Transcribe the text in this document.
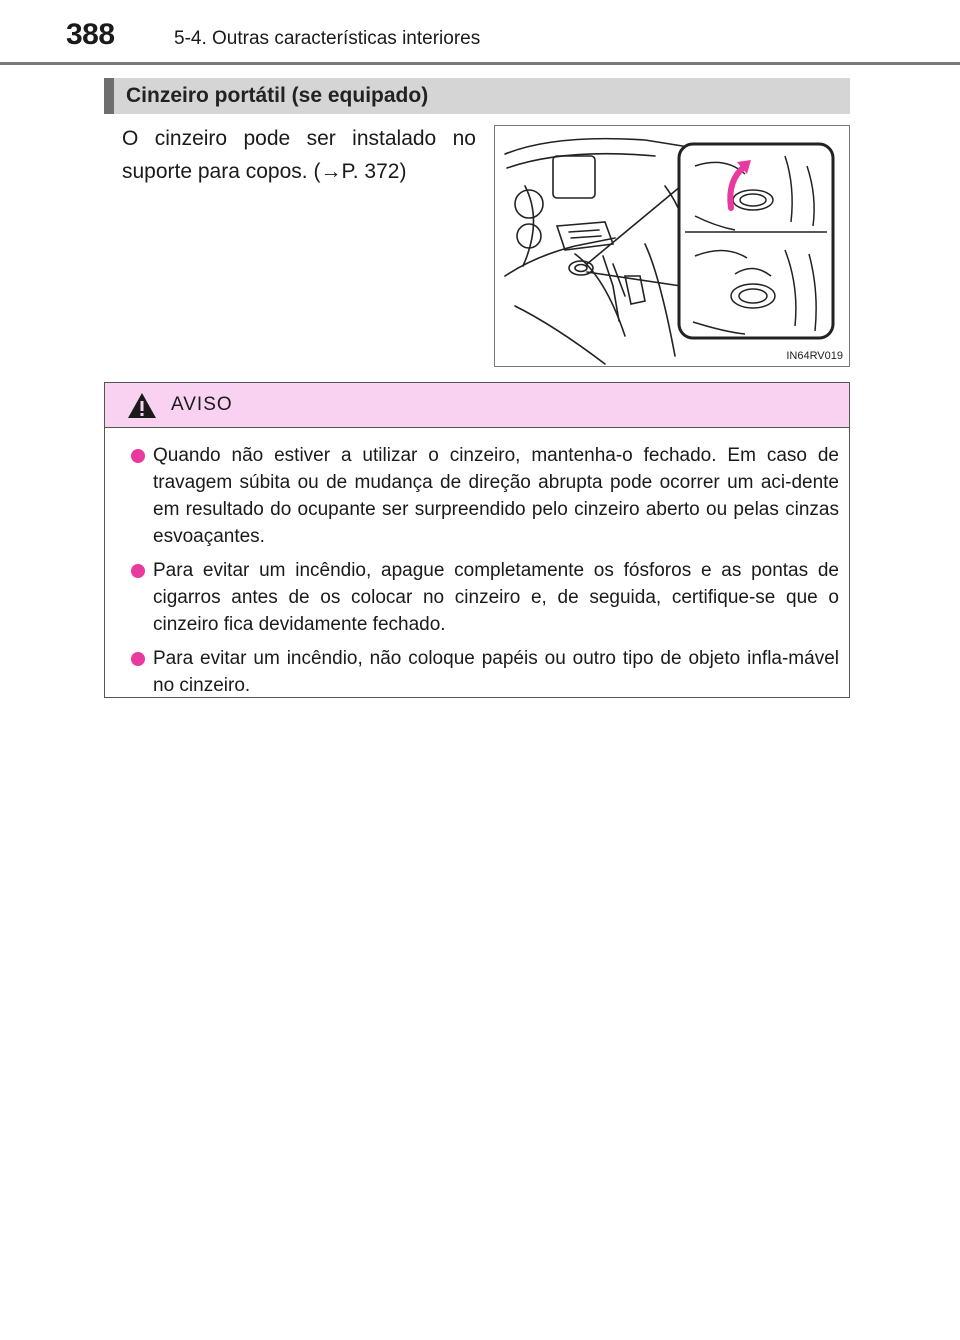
388	5-4. Outras características interiores
Cinzeiro portátil (se equipado)
O cinzeiro pode ser instalado no suporte para copos. (→P. 372)
IN64RV019
AVISO
Quando não estiver a utilizar o cinzeiro, mantenha-o fechado. Em caso de travagem súbita ou de mudança de direção abrupta pode ocorrer um aci-dente em resultado do ocupante ser surpreendido pelo cinzeiro aberto ou pelas cinzas esvoaçantes.
Para evitar um incêndio, apague completamente os fósforos e as pontas de cigarros antes de os colocar no cinzeiro e, de seguida, certifique-se que o cinzeiro fica devidamente fechado.
Para evitar um incêndio, não coloque papéis ou outro tipo de objeto infla-mável no cinzeiro.
